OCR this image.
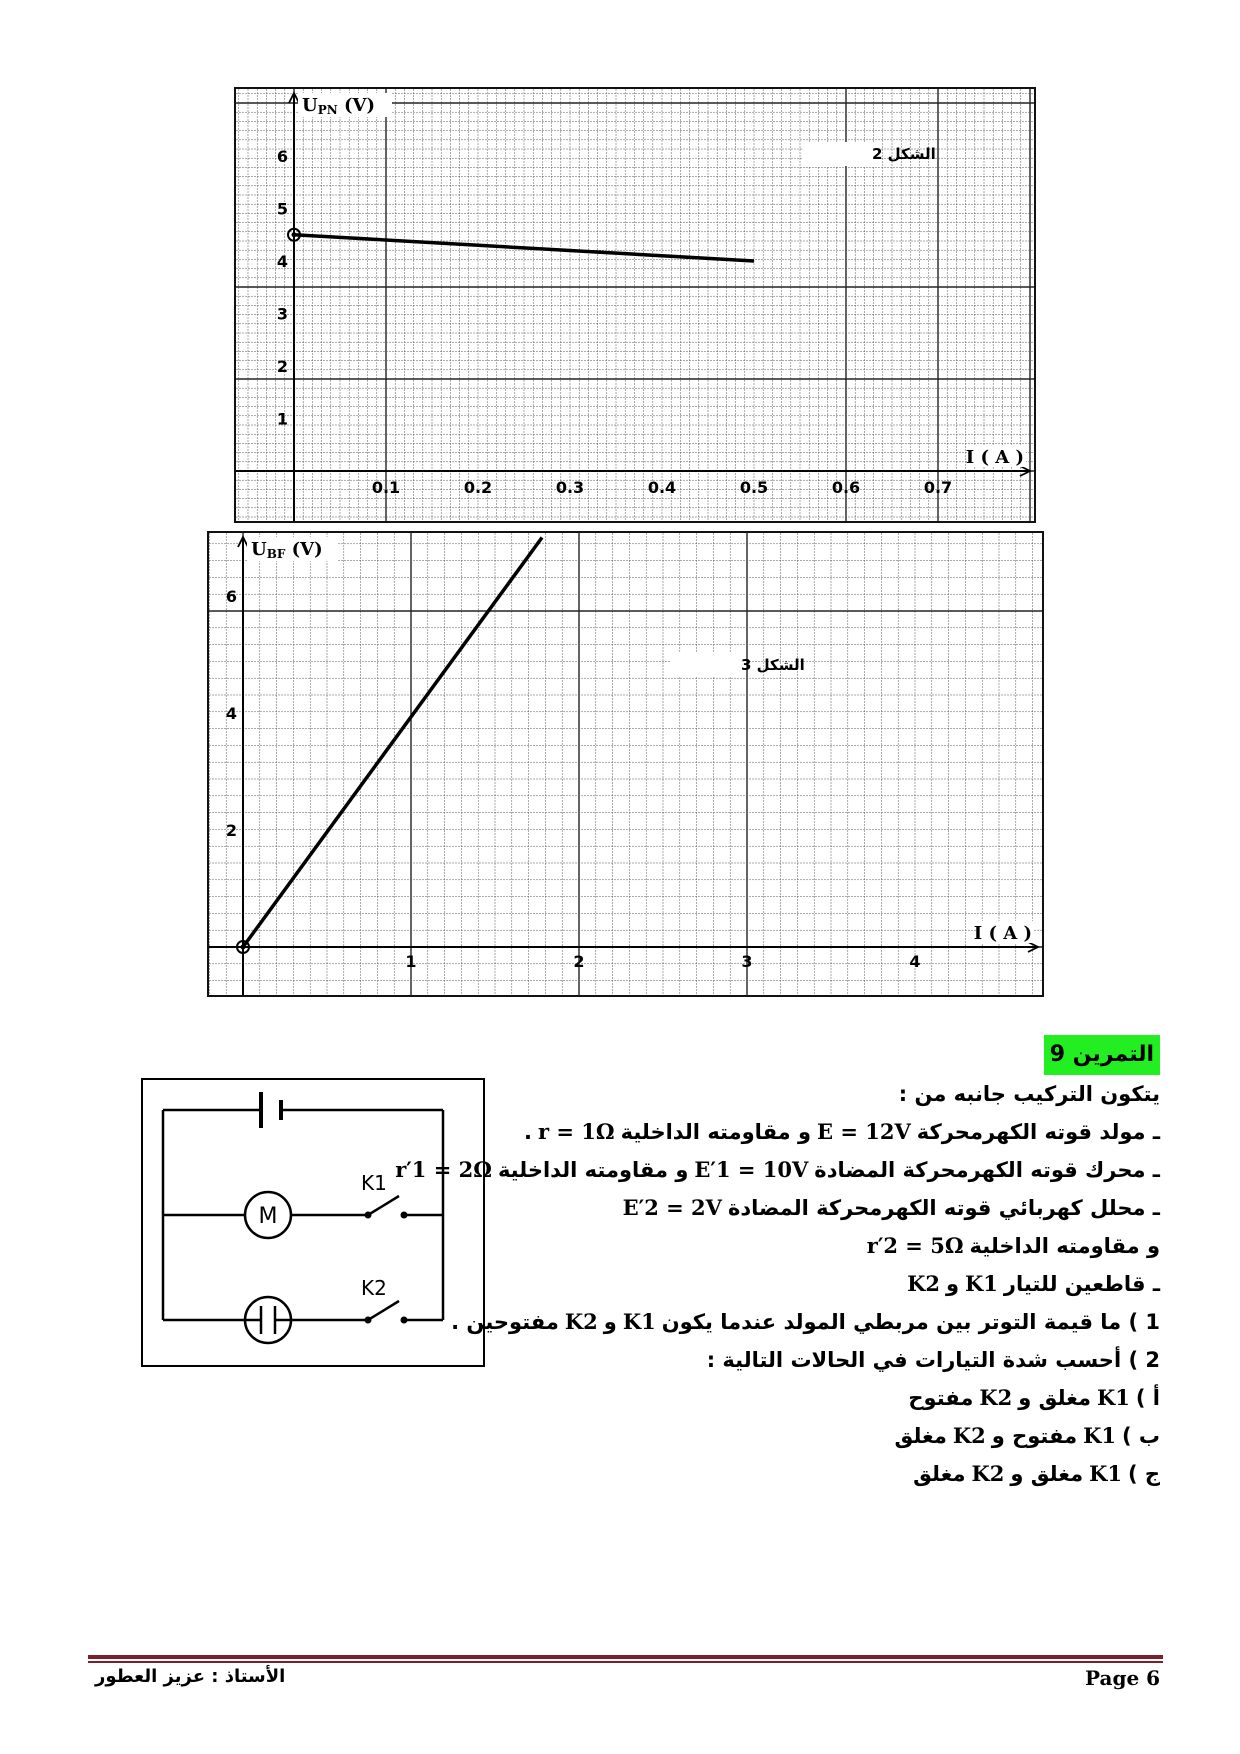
0.1	0.2	0.3	0.4	0.5	0.6	0.7
1
2
3
4
5
6
UPN (V)
I ( A )
الشكل 2
1	2	3	4
2
4
6
UBF (V)
I ( A )
الشكل 3
M
K1
K2
التمرين 9
يتكون التركيب جانبه من :
ـ مولد قوته الكهرمحركةE = 12Vو مقاومته الداخليةr = 1Ω.
ـ محرك قوته الكهرمحركة المضادةE′1 = 10Vو مقاومته الداخليةr′1 = 2Ω
ـ محلل كهربائي قوته الكهرمحركة المضادةE′2 = 2V
و مقاومته الداخليةr′2 = 5Ω
ـ قاطعين للتيارK1وK2
1 ) ما قيمة التوتر بين مربطي المولد عندما يكونK1وK2مفتوحين .
2 ) أحسب شدة التيارات في الحالات التالية :
أ )K1مغلق وK2مفتوح
ب )K1مفتوح وK2مغلق
ج )K1مغلق وK2مغلق
Page 6
الأستاذ : عزيز العطور
